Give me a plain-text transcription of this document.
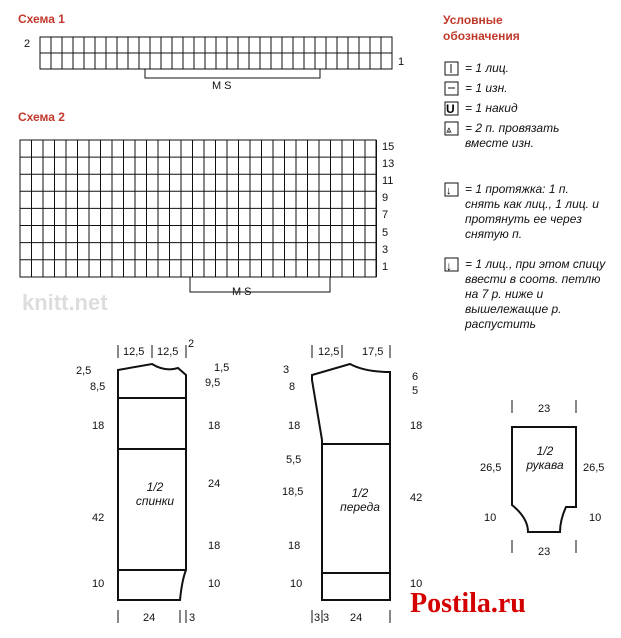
Схема 1
Схема 2
Условные обозначения
U
⩓
↓
↓
2
1
MS
15
13
11
9
7
5
3
1
MS
knitt.net
= 1 лиц.
= 1 изн.
= 1 накид
= 2 п. провязать вместе изн.
= 1 протяжка: 1 п. снять как лиц., 1 лиц. и протянуть ее через снятую п.
= 1 лиц., при этом спицу ввести в соотв. петлю на 7 р. ниже и вышележащие р. распустить
1/2 спинки
12,5 12,5
2
2,5
8,5
18
42
10
1,5
9,5
18
24
18
10
24	3
1/2 переда
12,5 17,5
3
8
18
5,5
18,5
18
10
6
5
18
42
10
3 3 24
1/2 рукава
23
26,5
10
26,5
10
23
Postila.ru
